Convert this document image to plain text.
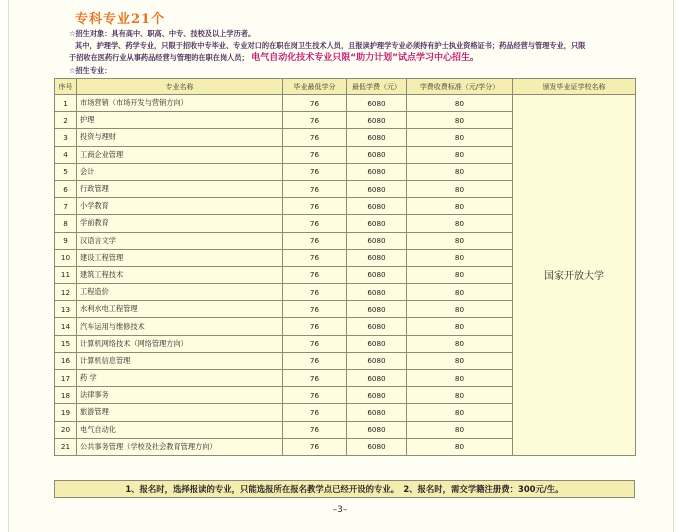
专科专业21个
☆招生对象：具有高中、职高、中专、技校及以上学历者。
其中，护理学、药学专业，只限于招收中专毕业、专业对口的在职在岗卫生技术人员，且报读护理学专业必须持有护士执业资格证书；药品经营与管理专业，只限
于招收在医药行业从事药品经营与管理的在职在岗人员； 电气自动化技术专业只限“助力计划”试点学习中心招生。
☆招生专业：
序号	专业名称	毕业最低学分	最低学费（元）	学费收费标准（元/学分）	颁发毕业证学校名称
1	市场营销（市场开发与营销方向）	76	6080	80	国家开放大学
2	护理	76	6080	80	
3	投资与理财	76	6080	80	
4	工商企业管理	76	6080	80	
5	会计	76	6080	80	
6	行政管理	76	6080	80	
7	小学教育	76	6080	80	
8	学前教育	76	6080	80	
9	汉语言文学	76	6080	80	
10	建设工程管理	76	6080	80	
11	建筑工程技术	76	6080	80	
12	工程造价	76	6080	80	
13	水利水电工程管理	76	6080	80	
14	汽车运用与维修技术	76	6080	80	
15	计算机网络技术（网络管理方向）	76	6080	80	
16	计算机信息管理	76	6080	80	
17	药 学	76	6080	80	
18	法律事务	76	6080	80	
19	旅游管理	76	6080	80	
20	电气自动化	76	6080	80	
21	公共事务管理（学校及社会教育管理方向）	76	6080	80	
1、报名时，选择报读的专业，只能选报所在报名教学点已经开设的专业。　2、报名时，需交学籍注册费：300元/生。
–3–
